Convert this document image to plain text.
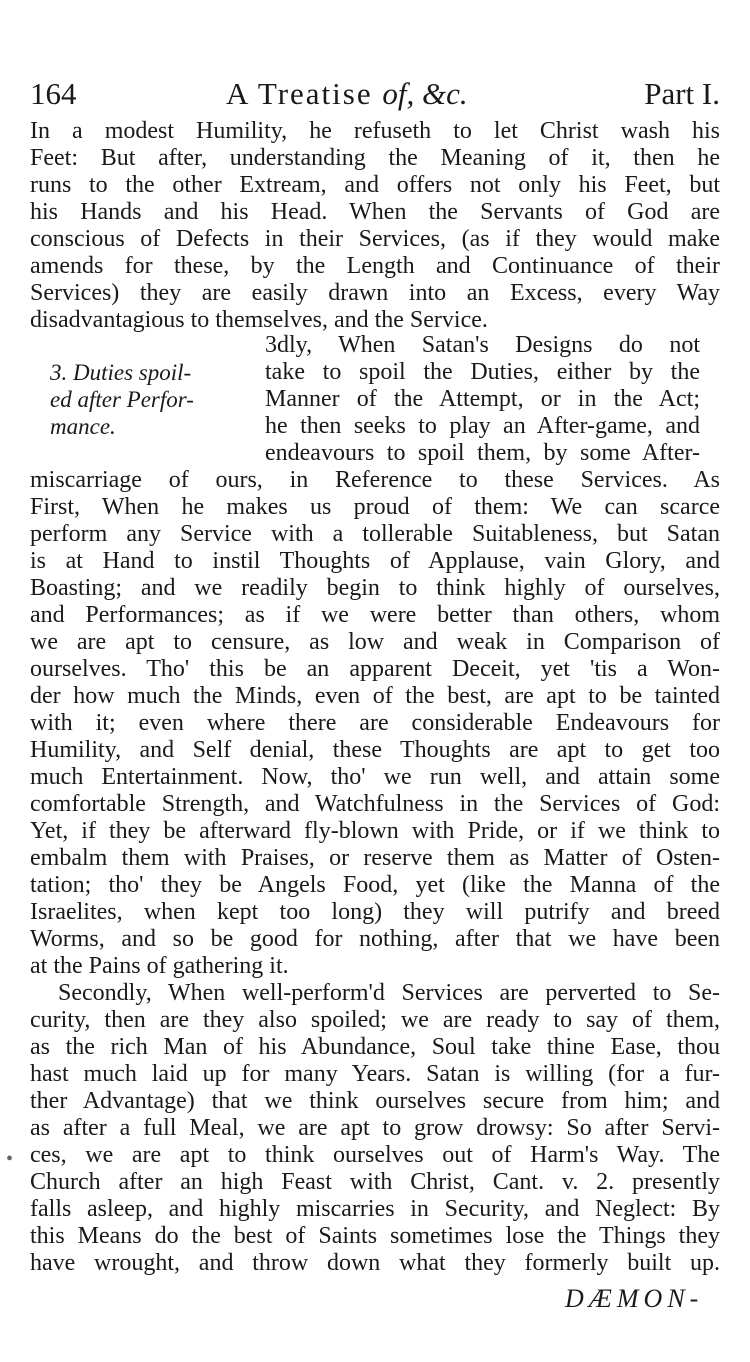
164	A Treatise of, &c.	Part I.
In a modest Humility, he refuseth to let Christ wash his
Feet: But after, understanding the Meaning of it, then he
runs to the other Extream, and offers not only his Feet, but
his Hands and his Head. When the Servants of God are
conscious of Defects in their Services, (as if they would make
amends for these, by the Length and Continuance of their
Services) they are easily drawn into an Excess, every Way
disadvantagious to themselves, and the Service.
3. Duties spoil-
ed after Perfor-
mance.
3dly, When Satan's Designs do not
take to spoil the Duties, either by the
Manner of the Attempt, or in the Act;
he then seeks to play an After-game, and
endeavours to spoil them, by some After-
miscarriage of ours, in Reference to these Services. As
First, When he makes us proud of them: We can scarce
perform any Service with a tollerable Suitableness, but Satan
is at Hand to instil Thoughts of Applause, vain Glory, and
Boasting; and we readily begin to think highly of ourselves,
and Performances; as if we were better than others, whom
we are apt to censure, as low and weak in Comparison of
ourselves. Tho' this be an apparent Deceit, yet 'tis a Won-
der how much the Minds, even of the best, are apt to be tainted
with it; even where there are considerable Endeavours for
Humility, and Self denial, these Thoughts are apt to get too
much Entertainment. Now, tho' we run well, and attain some
comfortable Strength, and Watchfulness in the Services of God:
Yet, if they be afterward fly-blown with Pride, or if we think to
embalm them with Praises, or reserve them as Matter of Osten-
tation; tho' they be Angels Food, yet (like the Manna of the
Israelites, when kept too long) they will putrify and breed
Worms, and so be good for nothing, after that we have been
at the Pains of gathering it.
Secondly, When well-perform'd Services are perverted to Se-
curity, then are they also spoiled; we are ready to say of them,
as the rich Man of his Abundance, Soul take thine Ease, thou
hast much laid up for many Years. Satan is willing (for a fur-
ther Advantage) that we think ourselves secure from him; and
as after a full Meal, we are apt to grow drowsy: So after Servi-
ces, we are apt to think ourselves out of Harm's Way. The
Church after an high Feast with Christ, Cant. v. 2. presently
falls asleep, and highly miscarries in Security, and Neglect: By
this Means do the best of Saints sometimes lose the Things they
have wrought, and throw down what they formerly built up.
DÆMON-
•
